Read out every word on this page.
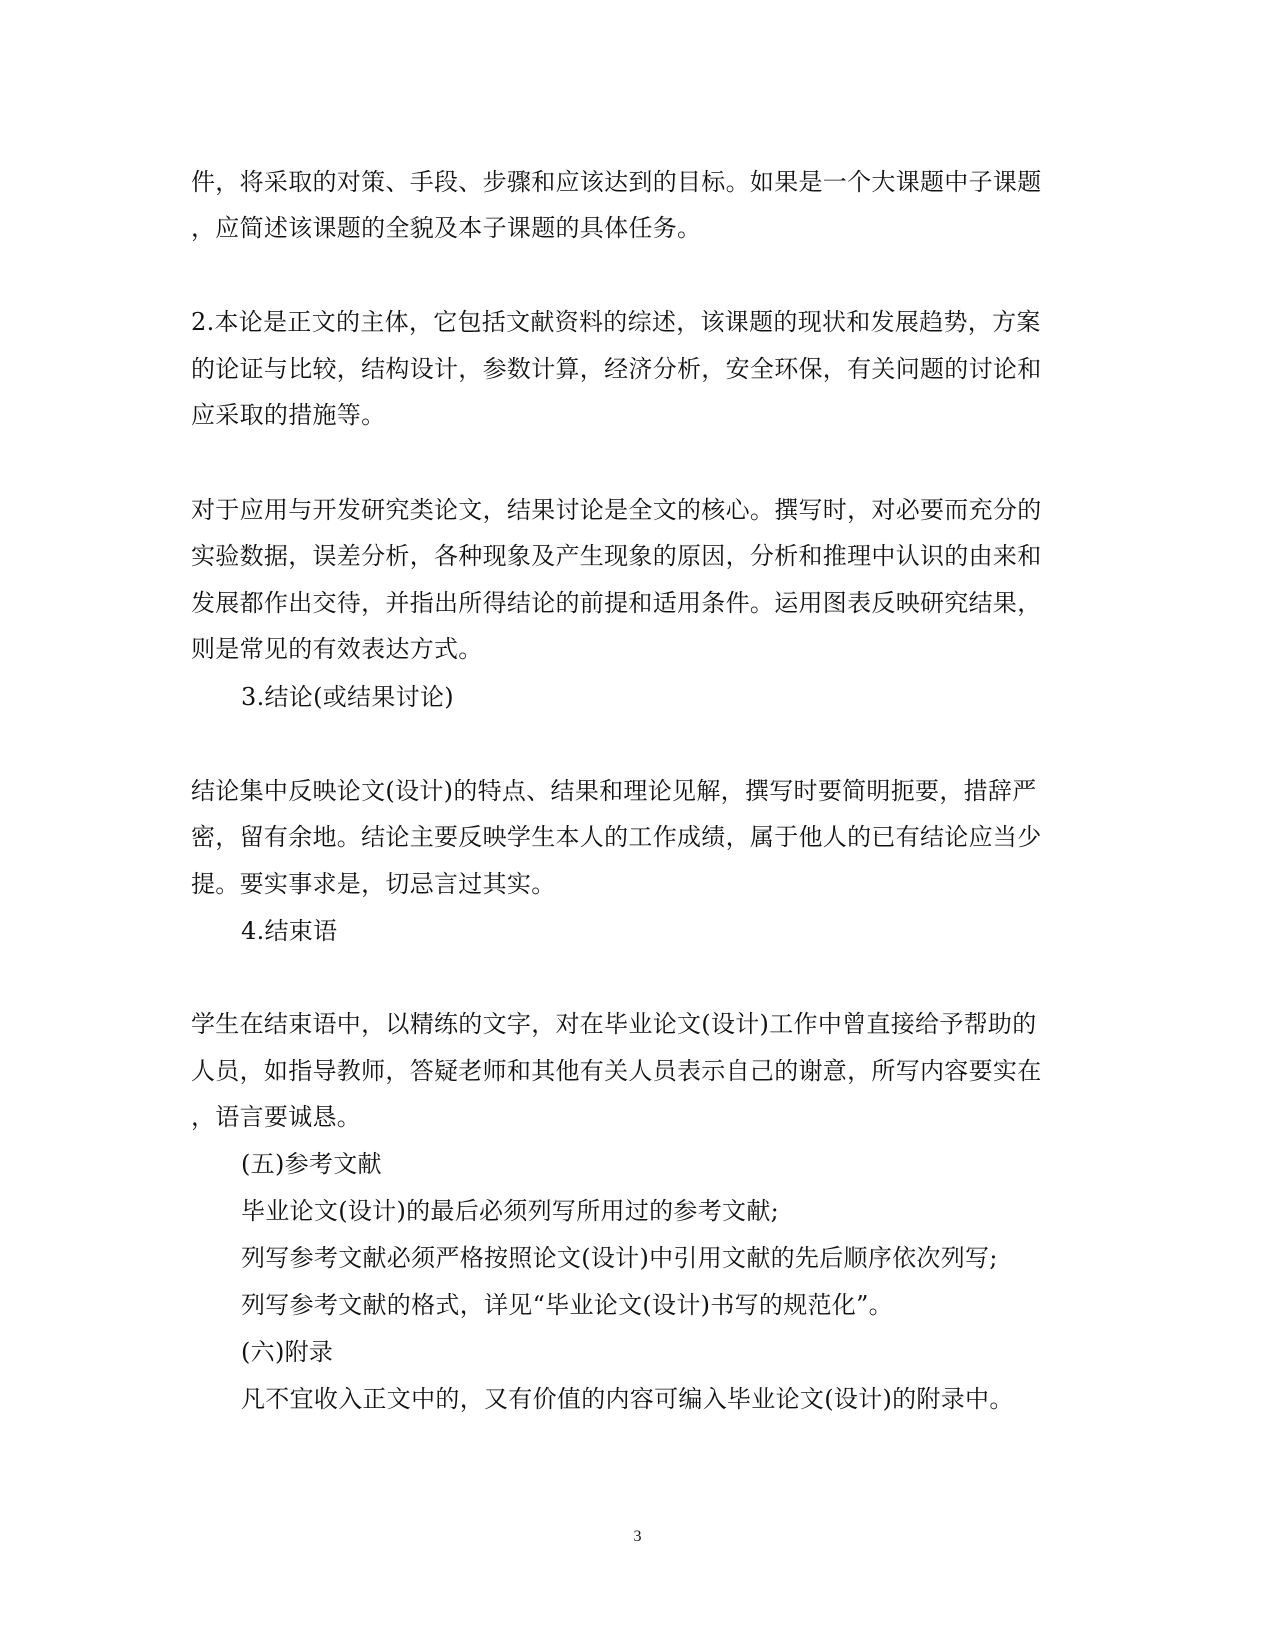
件，将采取的对策、手段、步骤和应该达到的目标。如果是一个大课题中子课题
，应简述该课题的全貌及本子课题的具体任务。
2.本论是正文的主体，它包括文献资料的综述，该课题的现状和发展趋势，方案
的论证与比较，结构设计，参数计算，经济分析，安全环保，有关问题的讨论和
应采取的措施等。
对于应用与开发研究类论文，结果讨论是全文的核心。撰写时，对必要而充分的
实验数据，误差分析，各种现象及产生现象的原因，分析和推理中认识的由来和
发展都作出交待，并指出所得结论的前提和适用条件。运用图表反映研究结果，
则是常见的有效表达方式。
3.结论(或结果讨论)
结论集中反映论文(设计)的特点、结果和理论见解，撰写时要简明扼要，措辞严
密，留有余地。结论主要反映学生本人的工作成绩，属于他人的已有结论应当少
提。要实事求是，切忌言过其实。
4.结束语
学生在结束语中，以精练的文字，对在毕业论文(设计)工作中曾直接给予帮助的
人员，如指导教师，答疑老师和其他有关人员表示自己的谢意，所写内容要实在
，语言要诚恳。
(五)参考文献
毕业论文(设计)的最后必须列写所用过的参考文献;
列写参考文献必须严格按照论文(设计)中引用文献的先后顺序依次列写;
列写参考文献的格式，详见“毕业论文(设计)书写的规范化”。
(六)附录
凡不宜收入正文中的，又有价值的内容可编入毕业论文(设计)的附录中。
3
